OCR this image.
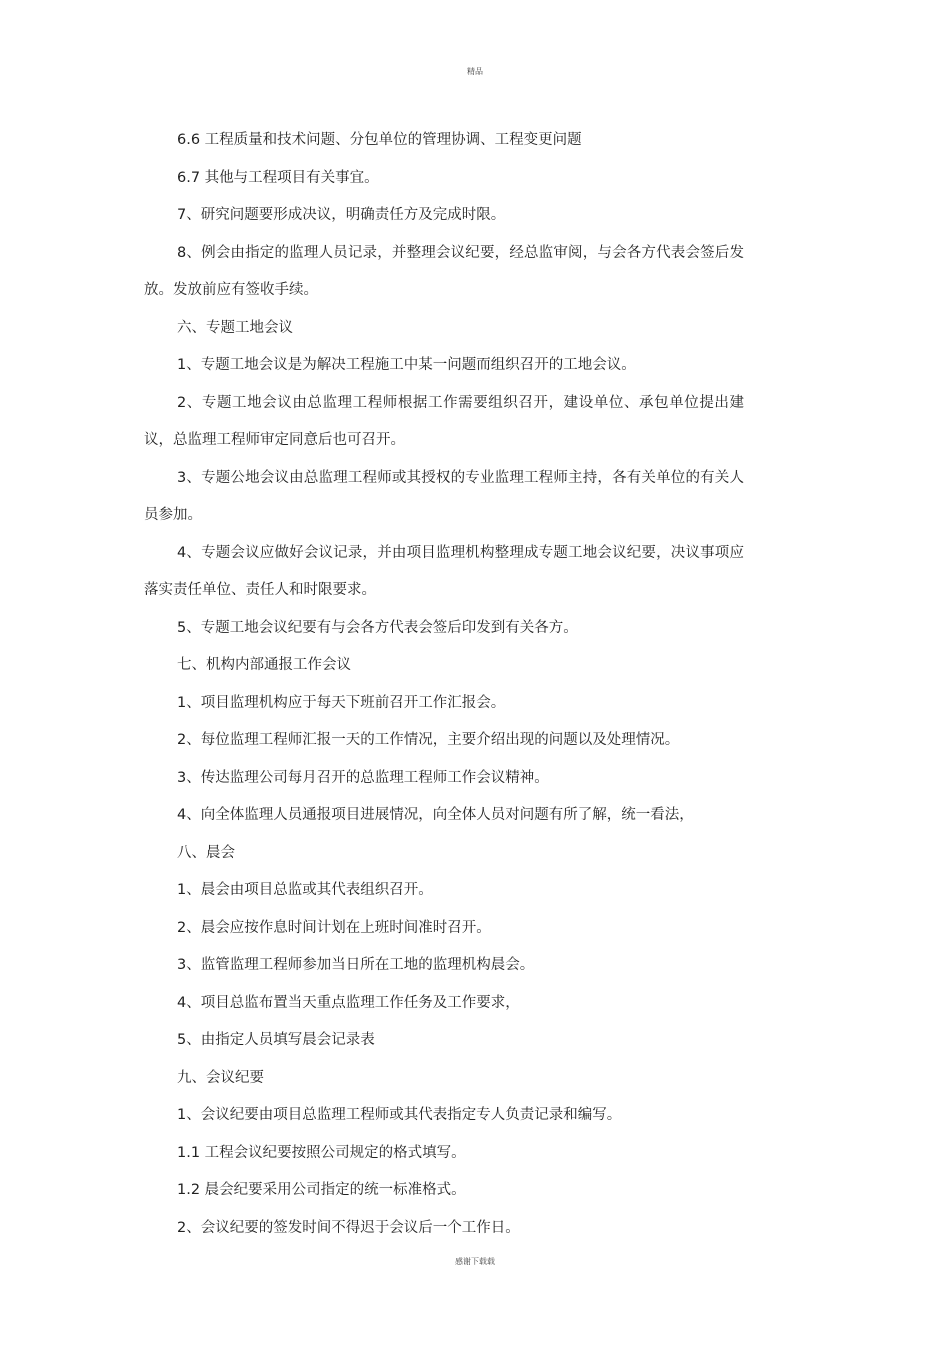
精品

6.6 工程质量和技术问题、分包单位的管理协调、工程变更问题

6.7 其他与工程项目有关事宜。

7、研究问题要形成决议，明确责任方及完成时限。

8、例会由指定的监理人员记录，并整理会议纪要，经总监审阅，与会各方代表会签后发放。发放前应有签收手续。

六、专题工地会议

1、专题工地会议是为解决工程施工中某一问题而组织召开的工地会议。

2、专题工地会议由总监理工程师根据工作需要组织召开，建设单位、承包单位提出建议，总监理工程师审定同意后也可召开。

3、专题公地会议由总监理工程师或其授权的专业监理工程师主持，各有关单位的有关人员参加。

4、专题会议应做好会议记录，并由项目监理机构整理成专题工地会议纪要，决议事项应落实责任单位、责任人和时限要求。

5、专题工地会议纪要有与会各方代表会签后印发到有关各方。

七、机构内部通报工作会议

1、项目监理机构应于每天下班前召开工作汇报会。

2、每位监理工程师汇报一天的工作情况，主要介绍出现的问题以及处理情况。

3、传达监理公司每月召开的总监理工程师工作会议精神。

4、向全体监理人员通报项目进展情况，向全体人员对问题有所了解，统一看法，

八、晨会

1、晨会由项目总监或其代表组织召开。

2、晨会应按作息时间计划在上班时间准时召开。

3、监管监理工程师参加当日所在工地的监理机构晨会。

4、项目总监布置当天重点监理工作任务及工作要求，

5、由指定人员填写晨会记录表

九、会议纪要

1、会议纪要由项目总监理工程师或其代表指定专人负责记录和编写。

1.1 工程会议纪要按照公司规定的格式填写。

1.2 晨会纪要采用公司指定的统一标准格式。

2、会议纪要的签发时间不得迟于会议后一个工作日。

感谢下载载
